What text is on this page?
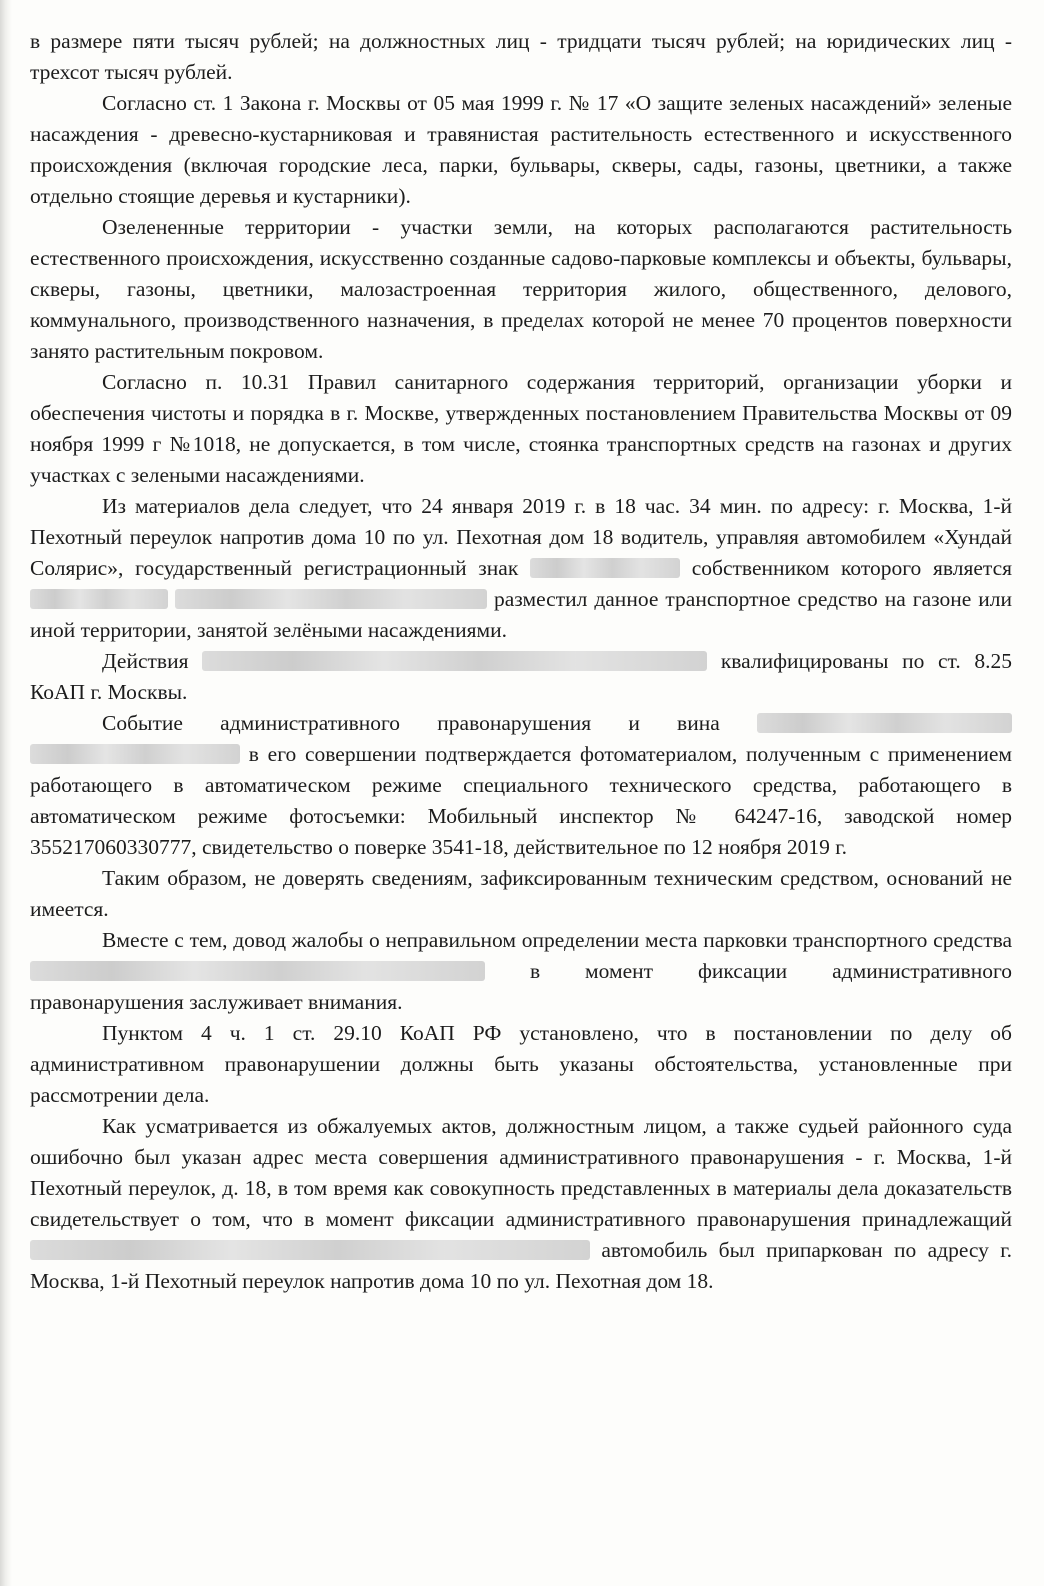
в размере пяти тысяч рублей; на должностных лиц - тридцати тысяч рублей; на юридических лиц - трехсот тысяч рублей.

Согласно ст. 1 Закона г. Москвы от 05 мая 1999 г. № 17 «О защите зеленых насаждений» зеленые насаждения - древесно-кустарниковая и травянистая растительность естественного и искусственного происхождения (включая городские леса, парки, бульвары, скверы, сады, газоны, цветники, а также отдельно стоящие деревья и кустарники).

Озелененные территории - участки земли, на которых располагаются растительность естественного происхождения, искусственно созданные садово-парковые комплексы и объекты, бульвары, скверы, газоны, цветники, малозастроенная территория жилого, общественного, делового, коммунального, производственного назначения, в пределах которой не менее 70 процентов поверхности занято растительным покровом.

Согласно п. 10.31 Правил санитарного содержания территорий, организации уборки и обеспечения чистоты и порядка в г. Москве, утвержденных постановлением Правительства Москвы от 09 ноября 1999 г №1018, не допускается, в том числе, стоянка транспортных средств на газонах и других участках с зелеными насаждениями.

Из материалов дела следует, что 24 января 2019 г. в 18 час. 34 мин. по адресу: г. Москва, 1-й Пехотный переулок напротив дома 10 по ул. Пехотная дом 18 водитель, управляя автомобилем «Хундай Солярис», государственный регистрационный знак	собственником которого является   разместил данное транспортное средство на газоне или иной территории, занятой зелёными насаждениями.

Действия	квалифицированы по ст. 8.25 КоАП г. Москвы.

Событие административного правонарушения и вина   в его совершении подтверждается фотоматериалом, полученным с применением работающего в автоматическом режиме специального технического средства, работающего в автоматическом режиме фотосъемки: Мобильный инспектор № 64247-16, заводской номер 355217060330777, свидетельство о поверке 3541-18, действительное по 12 ноября 2019 г.

Таким образом, не доверять сведениям, зафиксированным техническим средством, оснований не имеется.

Вместе с тем, довод жалобы о неправильном определении места парковки транспортного средства  в момент фиксации административного правонарушения заслуживает внимания.

Пунктом 4 ч. 1 ст. 29.10 КоАП РФ установлено, что в постановлении по делу об административном правонарушении должны быть указаны обстоятельства, установленные при рассмотрении дела.

Как усматривается из обжалуемых актов, должностным лицом, а также судьей районного суда ошибочно был указан адрес места совершения административного правонарушения - г. Москва, 1-й Пехотный переулок, д. 18, в том время как совокупность представленных в материалы дела доказательств свидетельствует о том, что в момент фиксации административного правонарушения принадлежащий  автомобиль был припаркован по адресу г. Москва, 1-й Пехотный переулок напротив дома 10 по ул. Пехотная дом 18.
